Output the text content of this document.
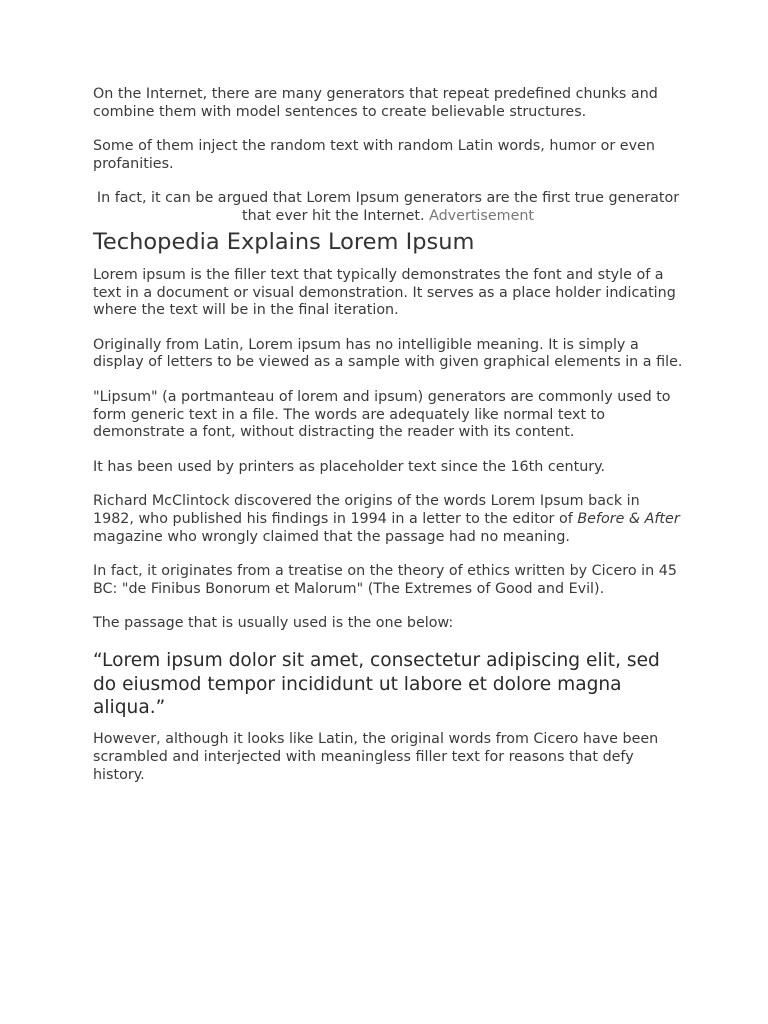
On the Internet, there are many generators that repeat predefined chunks and combine them with model sentences to create believable structures.

Some of them inject the random text with random Latin words, humor or even profanities.

In fact, it can be argued that Lorem Ipsum generators are the first true generator that ever hit the Internet. Advertisement

Techopedia Explains Lorem Ipsum

Lorem ipsum is the filler text that typically demonstrates the font and style of a text in a document or visual demonstration. It serves as a place holder indicating where the text will be in the final iteration.

Originally from Latin, Lorem ipsum has no intelligible meaning. It is simply a display of letters to be viewed as a sample with given graphical elements in a file.

"Lipsum" (a portmanteau of lorem and ipsum) generators are commonly used to form generic text in a file. The words are adequately like normal text to demonstrate a font, without distracting the reader with its content.

It has been used by printers as placeholder text since the 16th century.

Richard McClintock discovered the origins of the words Lorem Ipsum back in 1982, who published his findings in 1994 in a letter to the editor of Before & After magazine who wrongly claimed that the passage had no meaning.

In fact, it originates from a treatise on the theory of ethics written by Cicero in 45 BC: "de Finibus Bonorum et Malorum" (The Extremes of Good and Evil).

The passage that is usually used is the one below:

“Lorem ipsum dolor sit amet, consectetur adipiscing elit, sed do eiusmod tempor incididunt ut labore et dolore magna aliqua.”

However, although it looks like Latin, the original words from Cicero have been scrambled and interjected with meaningless filler text for reasons that defy history.
